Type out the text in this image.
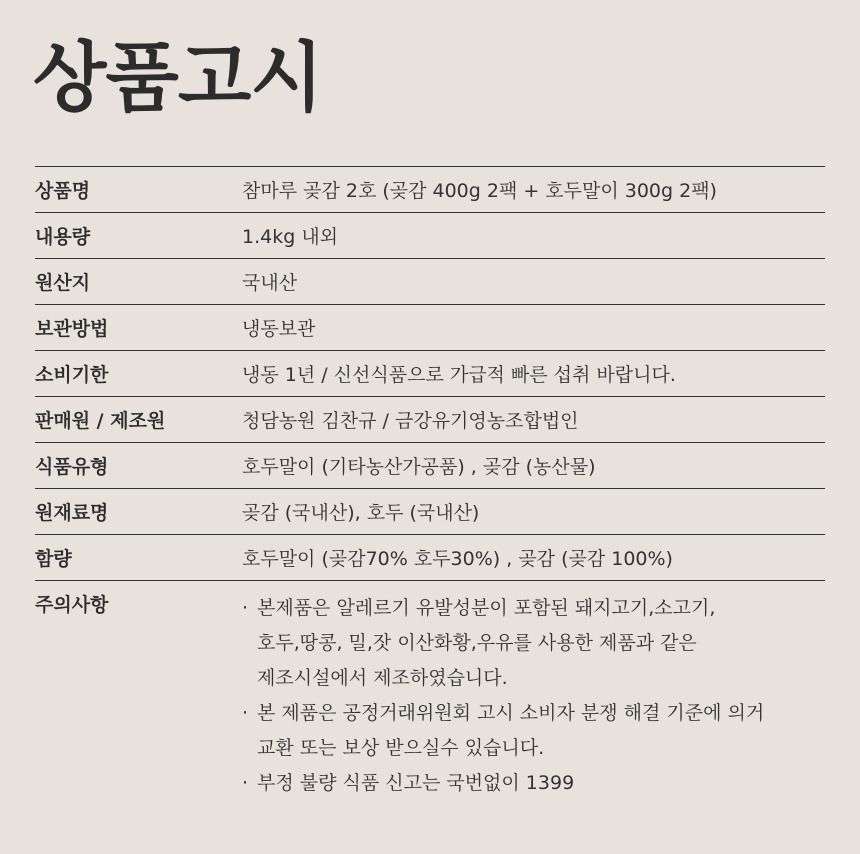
상품고시
상품명	참마루 곶감 2호 (곶감 400g 2팩 + 호두말이 300g 2팩)
내용량	1.4kg 내외
원산지	국내산
보관방법	냉동보관
소비기한	냉동 1년 / 신선식품으로 가급적 빠른 섭취 바랍니다.
판매원 / 제조원	청담농원 김찬규 / 금강유기영농조합법인
식품유형	호두말이 (기타농산가공품) , 곶감 (농산물)
원재료명	곶감 (국내산), 호두 (국내산)
함량	호두말이 (곶감70% 호두30%) , 곶감 (곶감 100%)
주의사항	· 본제품은 알레르기 유발성분이 포함된 돼지고기,소고기,
호두,땅콩, 밀,잣 이산화황,우유를 사용한 제품과 같은
제조시설에서 제조하였습니다.
· 본 제품은 공정거래위원회 고시 소비자 분쟁 해결 기준에 의거
교환 또는 보상 받으실수 있습니다.
· 부정 불량 식품 신고는 국번없이 1399
